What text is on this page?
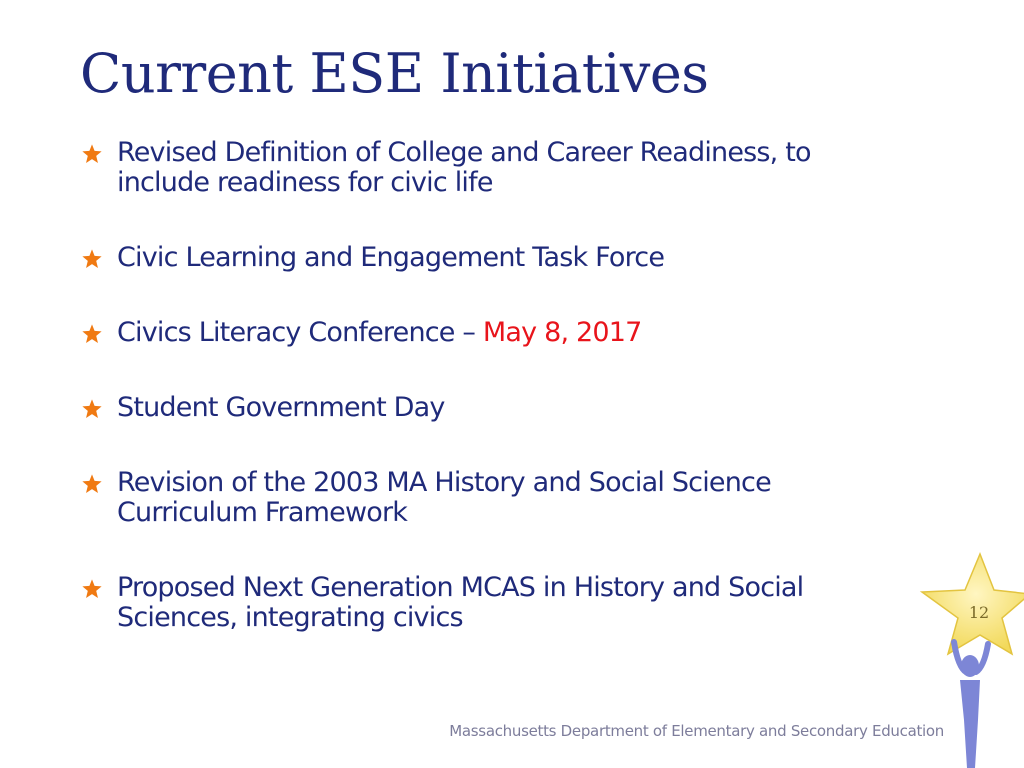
Current ESE Initiatives
Revised Definition of College and Career Readiness, to
include readiness for civic life
Civic Learning and Engagement Task Force
Civics Literacy Conference – May 8, 2017
Student Government Day
Revision of the 2003 MA History and Social Science
Curriculum Framework
Proposed Next Generation MCAS in History and Social
Sciences, integrating civics	12
Massachusetts Department of Elementary and Secondary Education
